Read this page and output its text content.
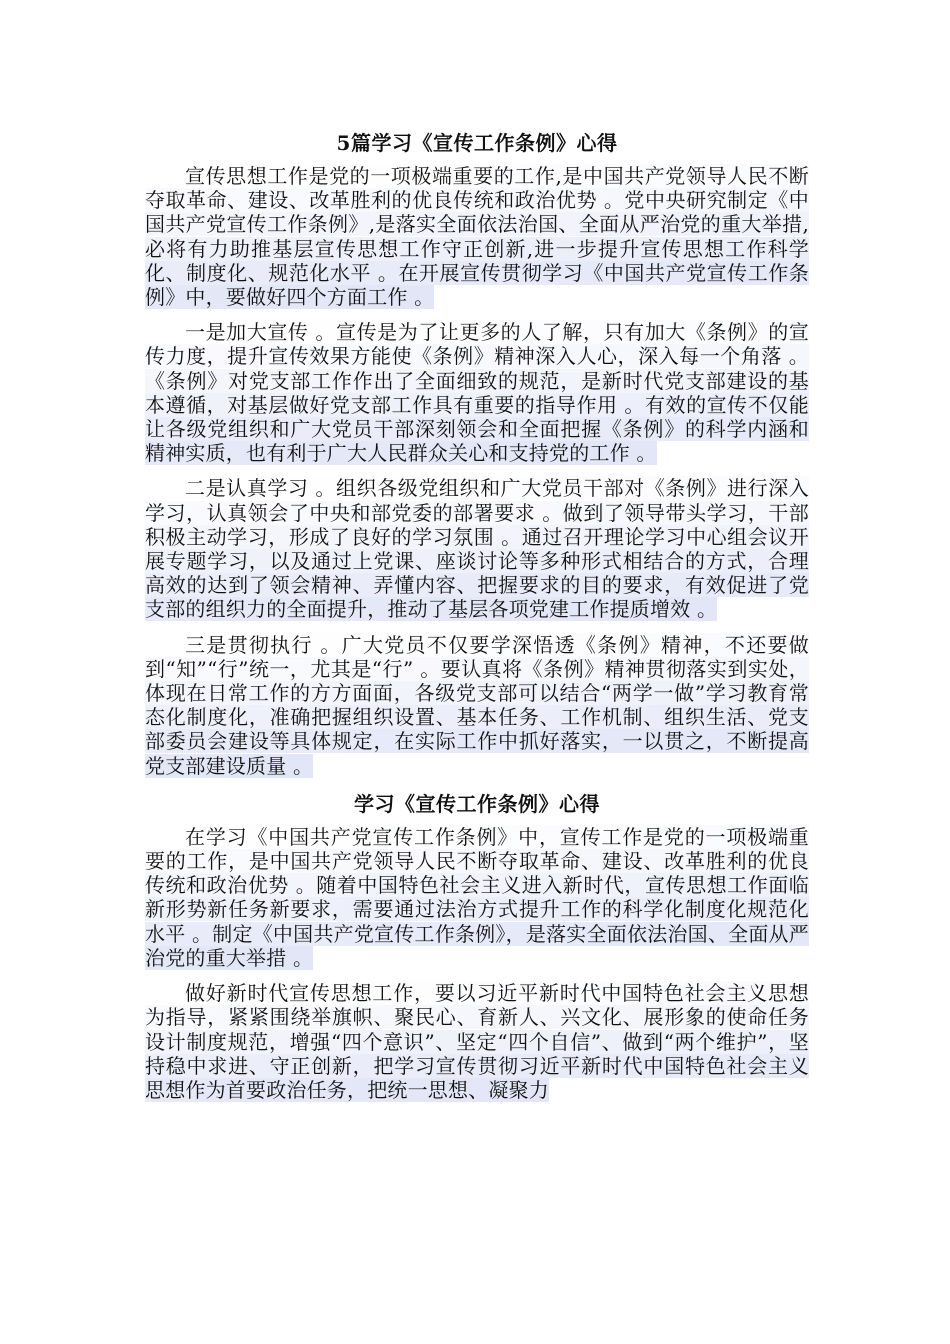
5篇学习《宣传工作条例》心得

宣传思想工作是党的一项极端重要的工作,是中国共产党领导人民不断夺取革命、建设、改革胜利的优良传统和政治优势 。党中央研究制定《中国共产党宣传工作条例》,是落实全面依法治国、全面从严治党的重大举措,必将有力助推基层宣传思想工作守正创新,进一步提升宣传思想工作科学化、制度化、规范化水平 。在开展宣传贯彻学习《中国共产党宣传工作条例》中，要做好四个方面工作 。

一是加大宣传 。宣传是为了让更多的人了解，只有加大《条例》的宣传力度，提升宣传效果方能使《条例》精神深入人心，深入每一个角落 。《条例》对党支部工作作出了全面细致的规范，是新时代党支部建设的基本遵循，对基层做好党支部工作具有重要的指导作用 。有效的宣传不仅能让各级党组织和广大党员干部深刻领会和全面把握《条例》的科学内涵和精神实质，也有利于广大人民群众关心和支持党的工作 。

二是认真学习 。组织各级党组织和广大党员干部对《条例》进行深入学习，认真领会了中央和部党委的部署要求 。做到了领导带头学习，干部积极主动学习，形成了良好的学习氛围 。通过召开理论学习中心组会议开展专题学习，以及通过上党课、座谈讨论等多种形式相结合的方式，合理高效的达到了领会精神、弄懂内容、把握要求的目的要求，有效促进了党支部的组织力的全面提升，推动了基层各项党建工作提质增效 。

三是贯彻执行 。广大党员不仅要学深悟透《条例》精神，不还要做到“知”“行”统一，尤其是“行” 。要认真将《条例》精神贯彻落实到实处，体现在日常工作的方方面面，各级党支部可以结合“两学一做”学习教育常态化制度化，准确把握组织设置、基本任务、工作机制、组织生活、党支部委员会建设等具体规定，在实际工作中抓好落实，一以贯之，不断提高党支部建设质量 。

学习《宣传工作条例》心得

在学习《中国共产党宣传工作条例》中，宣传工作是党的一项极端重要的工作，是中国共产党领导人民不断夺取革命、建设、改革胜利的优良传统和政治优势 。随着中国特色社会主义进入新时代，宣传思想工作面临新形势新任务新要求，需要通过法治方式提升工作的科学化制度化规范化水平 。制定《中国共产党宣传工作条例》，是落实全面依法治国、全面从严治党的重大举措 。

做好新时代宣传思想工作，要以习近平新时代中国特色社会主义思想为指导，紧紧围绕举旗帜、聚民心、育新人、兴文化、展形象的使命任务设计制度规范，增强“四个意识”、坚定“四个自信”、做到“两个维护”，坚持稳中求进、守正创新，把学习宣传贯彻习近平新时代中国特色社会主义思想作为首要政治任务，把统一思想、凝聚力
